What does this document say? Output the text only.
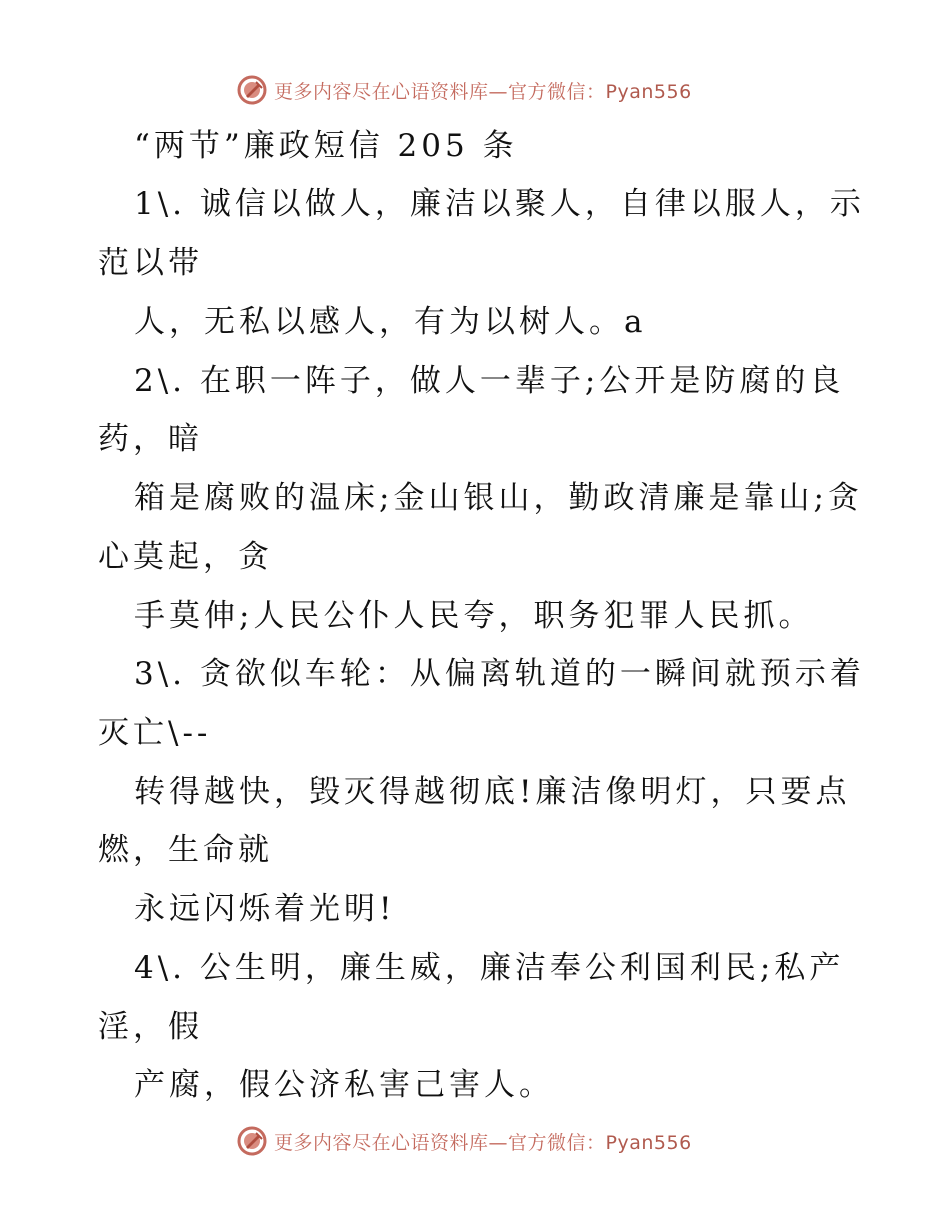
更多内容尽在心语资料库—官方微信：Pyan556
“两节”廉政短信 205 条
1\. 诚信以做人，廉洁以聚人，自律以服人，示
范以带
人，无私以感人，有为以树人。a
2\. 在职一阵子，做人一辈子;公开是防腐的良
药，暗
箱是腐败的温床;金山银山，勤政清廉是靠山;贪
心莫起，贪
手莫伸;人民公仆人民夸，职务犯罪人民抓。
3\. 贪欲似车轮：从偏离轨道的一瞬间就预示着
灭亡\--
转得越快，毁灭得越彻底!廉洁像明灯，只要点
燃，生命就
永远闪烁着光明!
4\. 公生明，廉生威，廉洁奉公利国利民;私产
淫，假
产腐，假公济私害己害人。
更多内容尽在心语资料库—官方微信：Pyan556
